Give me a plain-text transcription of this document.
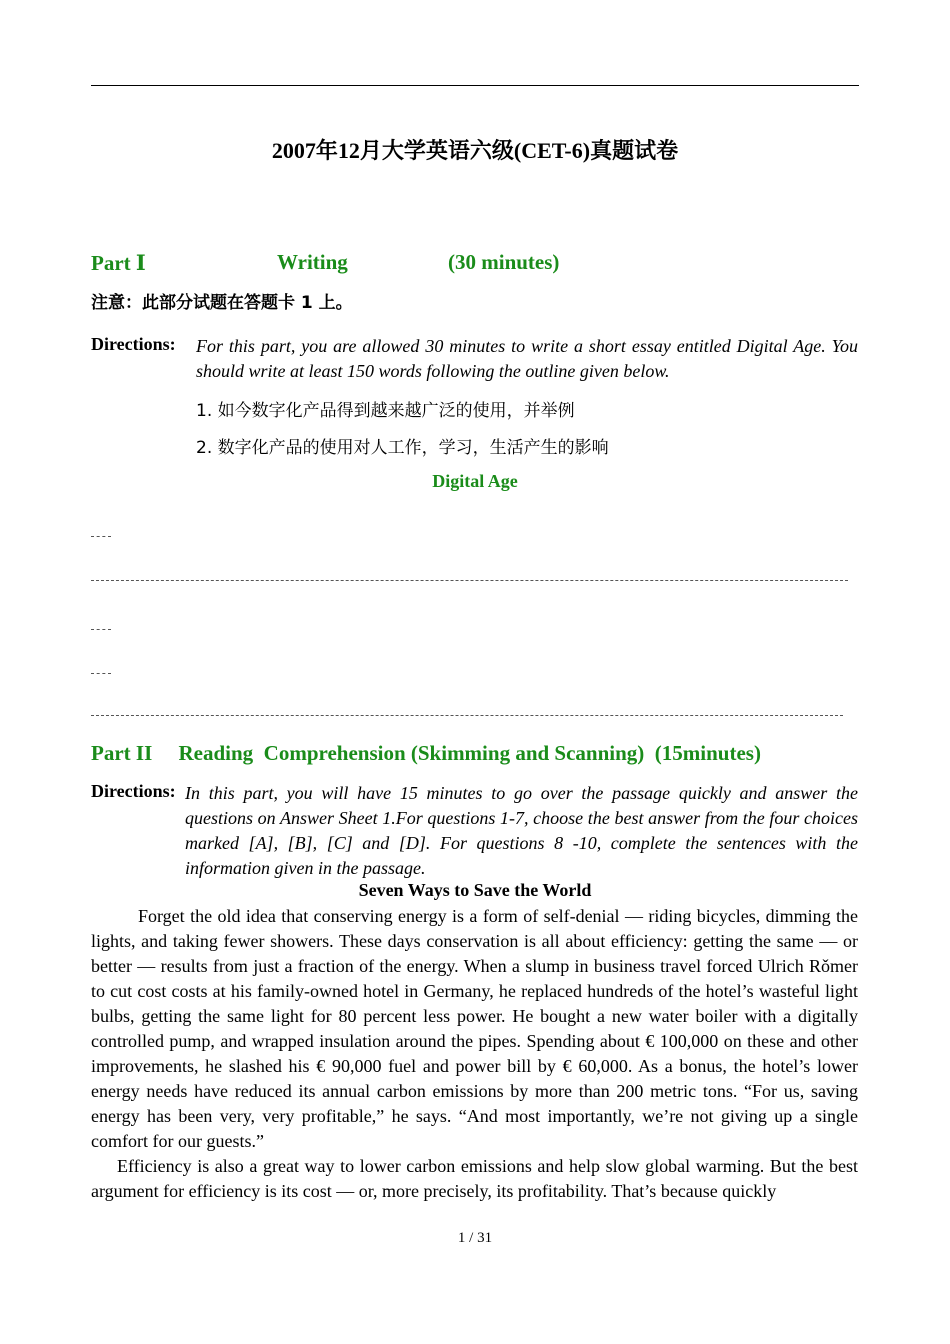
2007年12月大学英语六级(CET-6)真题试卷
Part Ⅰ	Writing	(30 minutes)
注意：此部分试题在答题卡 1 上。
Directions: For this part, you are allowed 30 minutes to write a short essay entitled Digital Age. You should write at least 150 words following the outline given below.
1. 如今数字化产品得到越来越广泛的使用，并举例
2. 数字化产品的使用对人工作，学习，生活产生的影响
Digital Age
Part II     Reading  Comprehension (Skimming and Scanning)  (15minutes)
Directions: In this part, you will have 15 minutes to go over the passage quickly and answer the questions on Answer Sheet 1.For questions 1-7, choose the best answer from the four choices marked [A], [B], [C] and [D]. For questions 8 -10, complete the sentences with the information given in the passage.
Seven Ways to Save the World

Forget the old idea that conserving energy is a form of self-denial — riding bicycles, dimming the lights, and taking fewer showers. These days conservation is all about efficiency: getting the same — or better — results from just a fraction of the energy. When a slump in business travel forced Ulrich Rǒmer to cut cost costs at his family-owned hotel in Germany, he replaced hundreds of the hotel’s wasteful light bulbs, getting the same light for 80 percent less power. He bought a new water boiler with a digitally controlled pump, and wrapped insulation around the pipes. Spending about € 100,000 on these and other improvements, he slashed his € 90,000 fuel and power bill by € 60,000. As a bonus, the hotel’s lower energy needs have reduced its annual carbon emissions by more than 200 metric tons. “For us, saving energy has been very, very profitable,” he says. “And most importantly, we’re not giving up a single comfort for our guests.”

Efficiency is also a great way to lower carbon emissions and help slow global warming. But the best argument for efficiency is its cost — or, more precisely, its profitability. That’s because quickly

1 / 31
